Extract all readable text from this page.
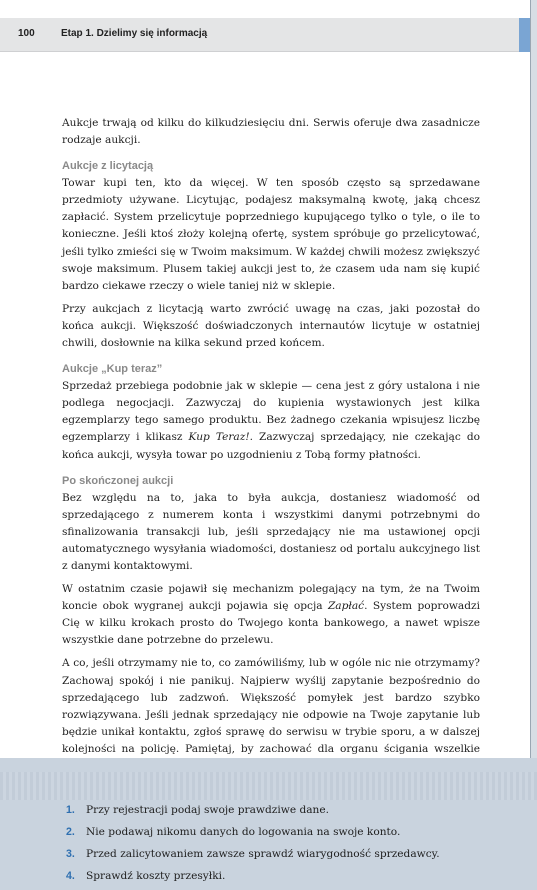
100	Etap 1. Dzielimy się informacją

Aukcje trwają od kilku do kilkudziesięciu dni. Serwis oferuje dwa zasadnicze rodzaje aukcji.

Aukcje z licytacją

Towar kupi ten, kto da więcej. W ten sposób często są sprzedawane przedmioty używane. Licytując, podajesz maksymalną kwotę, jaką chcesz zapłacić. System przelicytuje poprzedniego kupującego tylko o tyle, o ile to konieczne. Jeśli ktoś złoży kolejną ofertę, system spróbuje go przelicytować, jeśli tylko zmieści się w Twoim maksimum. W każdej chwili możesz zwiększyć swoje maksimum. Plusem takiej aukcji jest to, że czasem uda nam się kupić bardzo ciekawe rzeczy o wiele taniej niż w sklepie.

Przy aukcjach z licytacją warto zwrócić uwagę na czas, jaki pozostał do końca aukcji. Większość doświadczonych internautów licytuje w ostatniej chwili, dosłownie na kilka sekund przed końcem.

Aukcje „Kup teraz”

Sprzedaż przebiega podobnie jak w sklepie — cena jest z góry ustalona i nie podlega negocjacji. Zazwyczaj do kupienia wystawionych jest kilka egzemplarzy tego samego produktu. Bez żadnego czekania wpisujesz liczbę egzemplarzy i klikasz Kup Teraz!. Zazwyczaj sprzedający, nie czekając do końca aukcji, wysyła towar po uzgodnieniu z Tobą formy płatności.

Po skończonej aukcji

Bez względu na to, jaka to była aukcja, dostaniesz wiadomość od sprzedającego z numerem konta i wszystkimi danymi potrzebnymi do sfinalizowania transakcji lub, jeśli sprzedający nie ma ustawionej opcji automatycznego wysyłania wiadomości, dostaniesz od portalu aukcyjnego list z danymi kontaktowymi.

W ostatnim czasie pojawił się mechanizm polegający na tym, że na Twoim koncie obok wygranej aukcji pojawia się opcja Zapłać. System poprowadzi Cię w kilku krokach prosto do Twojego konta bankowego, a nawet wpisze wszystkie dane potrzebne do przelewu.

A co, jeśli otrzymamy nie to, co zamówiliśmy, lub w ogóle nic nie otrzymamy? Zachowaj spokój i nie panikuj. Najpierw wyślij zapytanie bezpośrednio do sprzedającego lub zadzwoń. Większość pomyłek jest bardzo szybko rozwiązywana. Jeśli jednak sprzedający nie odpowie na Twoje zapytanie lub będzie unikał kontaktu, zgłoś sprawę do serwisu w trybie sporu, a w dalszej kolejności na policję. Pamiętaj, by zachować dla organu ścigania wszelkie

1.	Przy rejestracji podaj swoje prawdziwe dane.
2.	Nie podawaj nikomu danych do logowania na swoje konto.
3.	Przed zalicytowaniem zawsze sprawdź wiarygodność sprzedawcy.
4.	Sprawdź koszty przesyłki.
